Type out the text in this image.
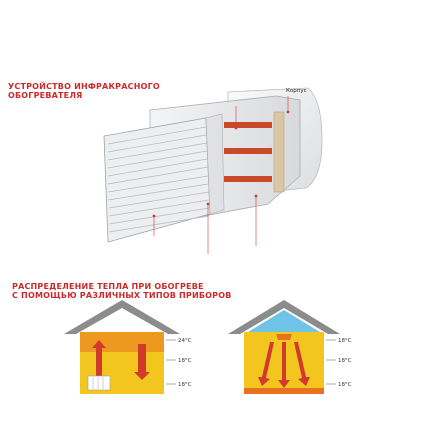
УСТРОЙСТВО ИНФРАКРАСНОГО
ОБОГРЕВАТЕЛЯ

24°C
18°C
18°C
18°C
18°C
18°C

Корпус

РАСПРЕДЕЛЕНИЕ ТЕПЛА ПРИ ОБОГРЕВЕ
С ПОМОЩЬЮ РАЗЛИЧНЫХ ТИПОВ ПРИБОРОВ
